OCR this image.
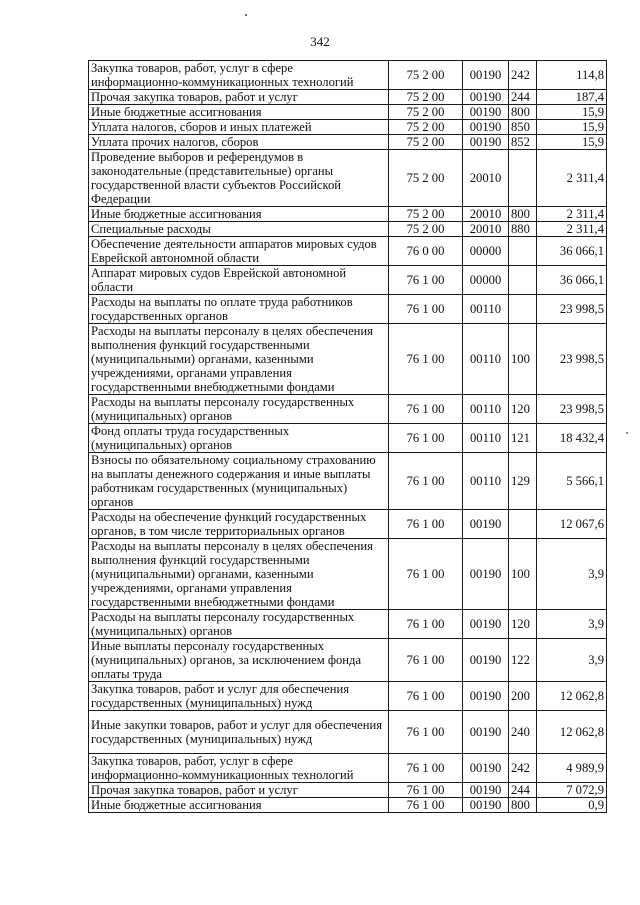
342
Закупка товаров, работ, услуг в сфере информационно-коммуникационных технологий	75 2 00	00190	242	114,8
Прочая закупка товаров, работ и услуг	75 2 00	00190	244	187,4
Иные бюджетные ассигнования	75 2 00	00190	800	15,9
Уплата налогов, сборов и иных платежей	75 2 00	00190	850	15,9
Уплата прочих налогов, сборов	75 2 00	00190	852	15,9
Проведение выборов и референдумов в законодательные (представительные) органы государственной власти субъектов Российской Федерации	75 2 00	20010		2 311,4
Иные бюджетные ассигнования	75 2 00	20010	800	2 311,4
Специальные расходы	75 2 00	20010	880	2 311,4
Обеспечение деятельности аппаратов мировых судов Еврейской автономной области	76 0 00	00000		36 066,1
Аппарат мировых судов Еврейской автономной области	76 1 00	00000		36 066,1
Расходы на выплаты по оплате труда работников государственных органов	76 1 00	00110		23 998,5
Расходы на выплаты персоналу в целях обеспечения выполнения функций государственными (муниципальными) органами, казенными учреждениями, органами управления государственными внебюджетными фондами	76 1 00	00110	100	23 998,5
Расходы на выплаты персоналу государственных (муниципальных) органов	76 1 00	00110	120	23 998,5
Фонд оплаты труда государственных (муниципальных) органов	76 1 00	00110	121	18 432,4
Взносы по обязательному социальному страхованию на выплаты денежного содержания и иные выплаты работникам государственных (муниципальных) органов	76 1 00	00110	129	5 566,1
Расходы на обеспечение функций государственных органов, в том числе территориальных органов	76 1 00	00190		12 067,6
Расходы на выплаты персоналу в целях обеспечения выполнения функций государственными (муниципальными) органами, казенными учреждениями, органами управления государственными внебюджетными фондами	76 1 00	00190	100	3,9
Расходы на выплаты персоналу государственных (муниципальных) органов	76 1 00	00190	120	3,9
Иные выплаты персоналу государственных (муниципальных) органов, за исключением фонда оплаты труда	76 1 00	00190	122	3,9
Закупка товаров, работ и услуг для обеспечения государственных (муниципальных) нужд	76 1 00	00190	200	12 062,8
Иные закупки товаров, работ и услуг для обеспечения государственных (муниципальных) нужд	76 1 00	00190	240	12 062,8
Закупка товаров, работ, услуг в сфере информационно-коммуникационных технологий	76 1 00	00190	242	4 989,9
Прочая закупка товаров, работ и услуг	76 1 00	00190	244	7 072,9
Иные бюджетные ассигнования	76 1 00	00190	800	0,9
